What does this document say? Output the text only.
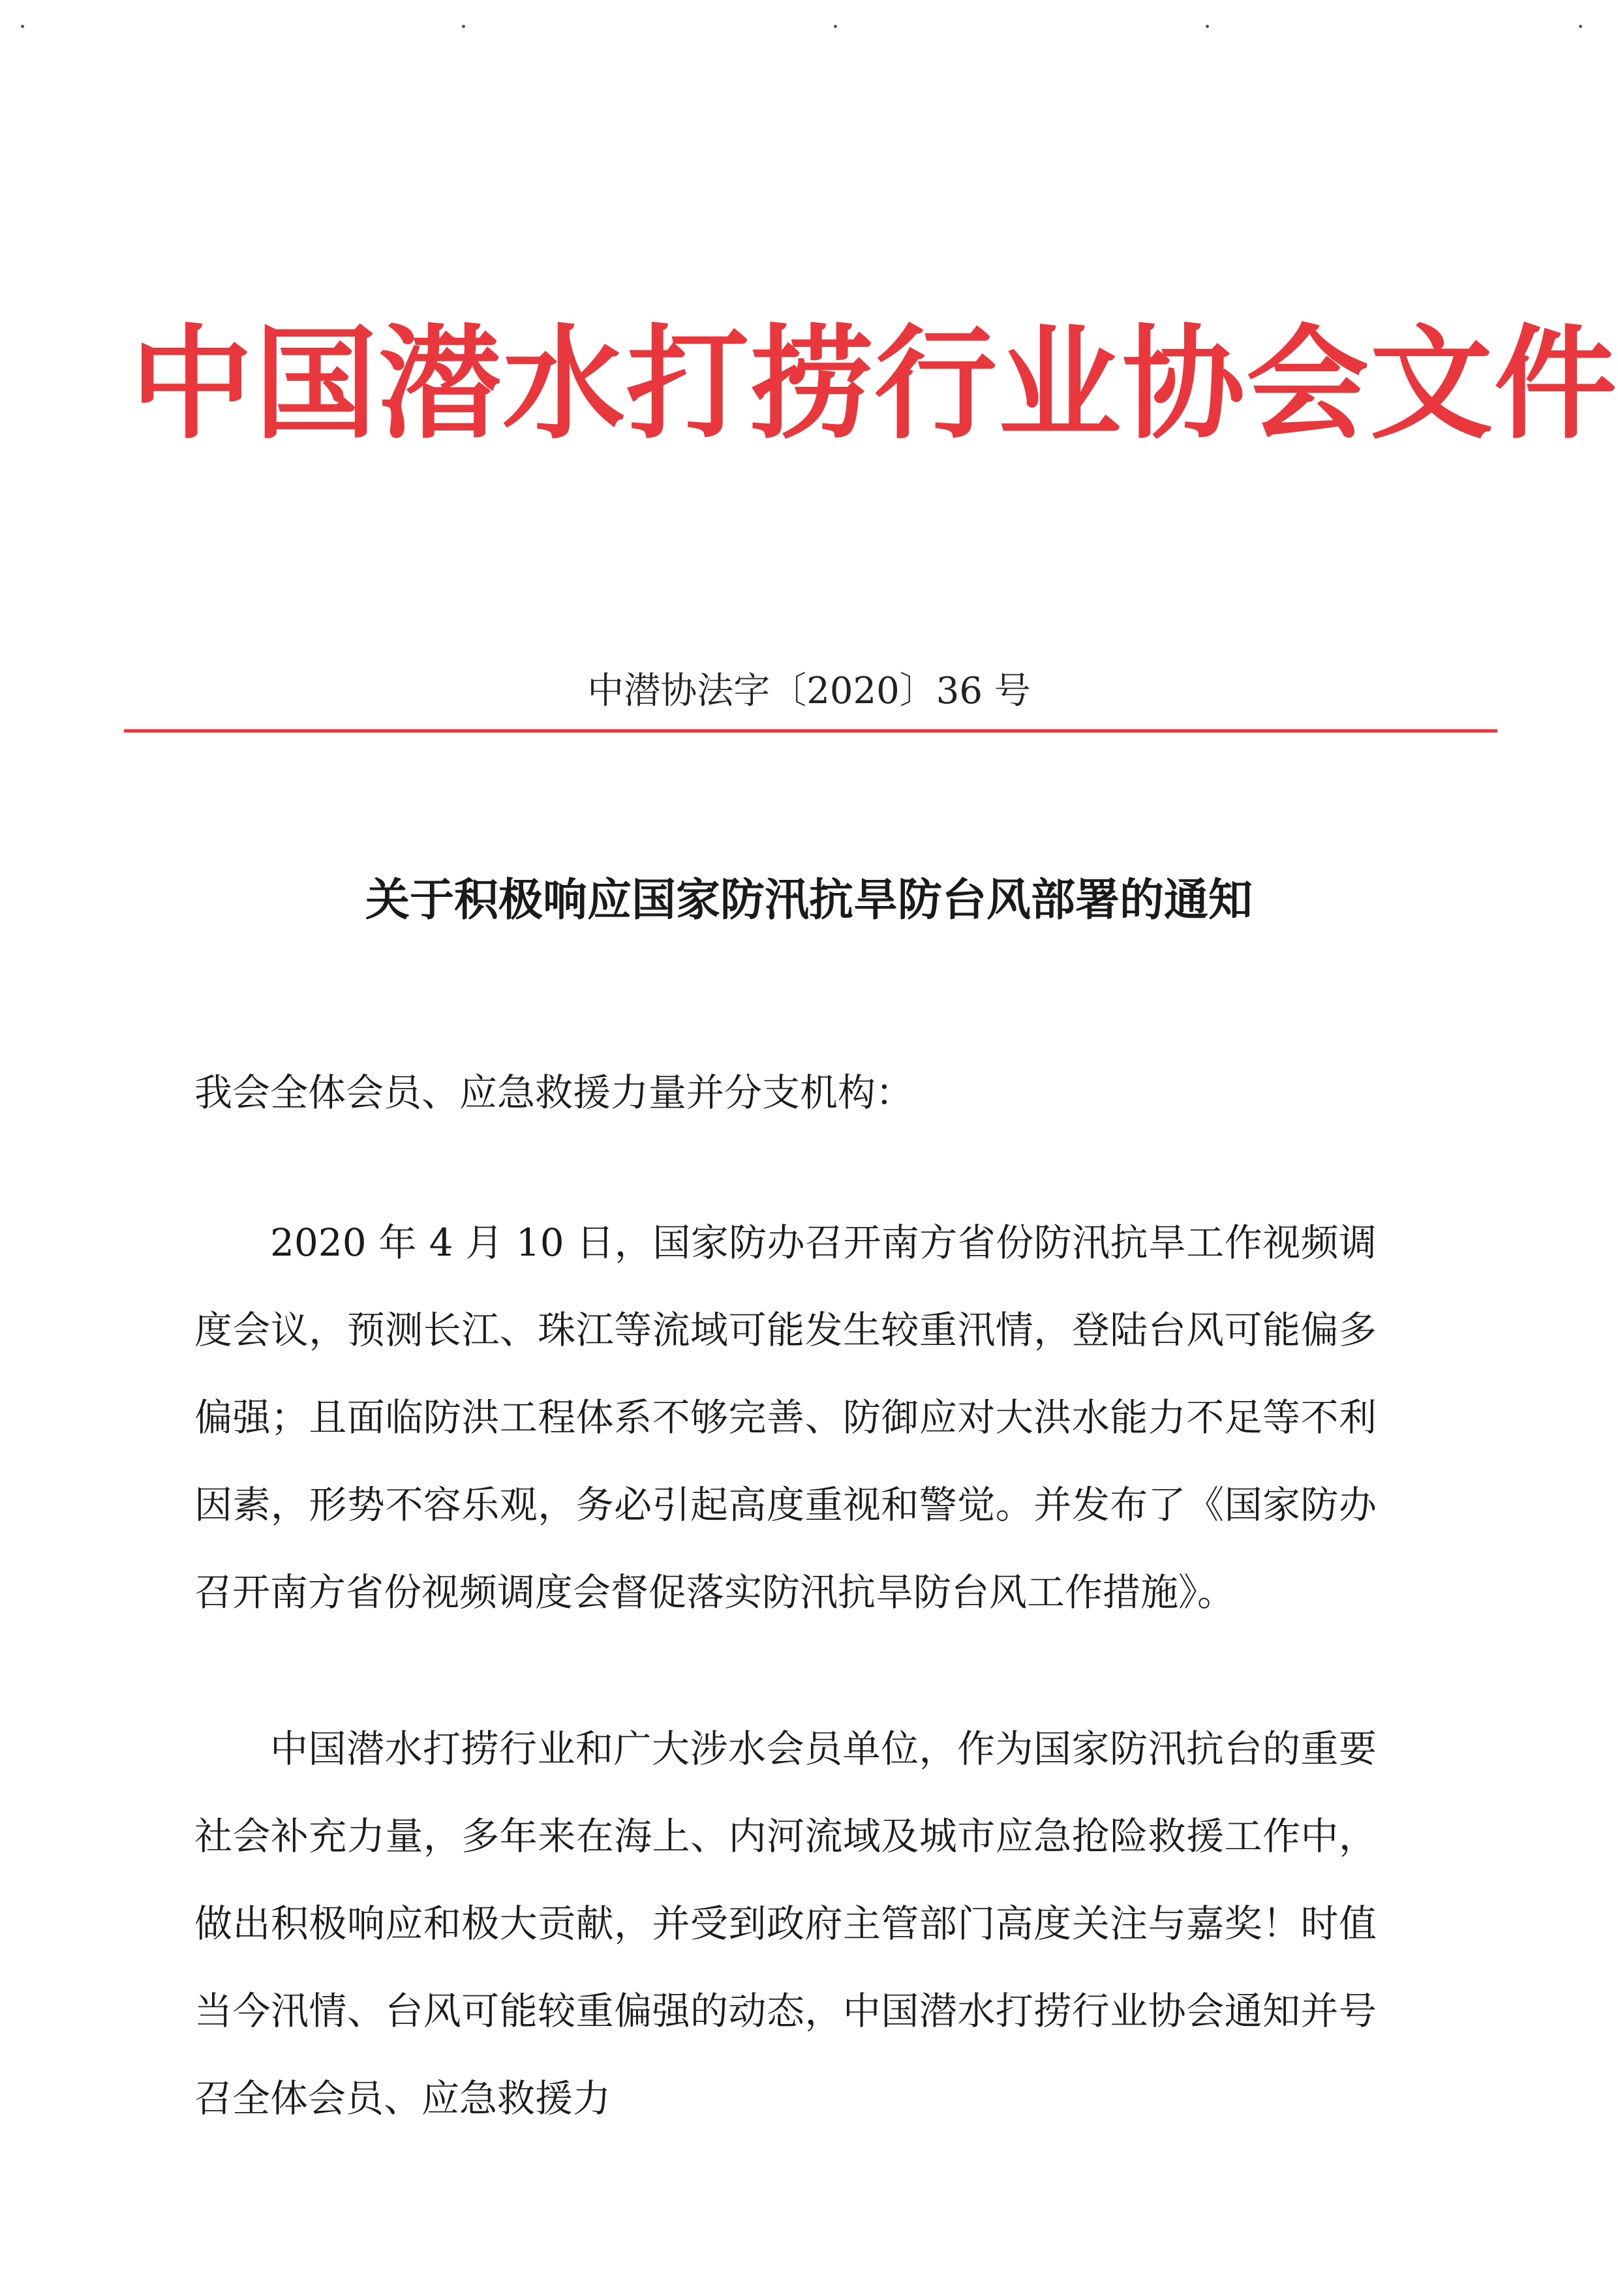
中国潜水打捞行业协会文件
中潜协法字〔2020〕36 号
关于积极响应国家防汛抗旱防台风部署的通知
我会全体会员、应急救援力量并分支机构：

2020 年 4 月 10 日，国家防办召开南方省份防汛抗旱工作视频调度会议，预测长江、珠江等流域可能发生较重汛情，登陆台风可能偏多偏强；且面临防洪工程体系不够完善、防御应对大洪水能力不足等不利因素，形势不容乐观，务必引起高度重视和警觉。并发布了《国家防办召开南方省份视频调度会督促落实防汛抗旱防台风工作措施》。

中国潜水打捞行业和广大涉水会员单位，作为国家防汛抗台的重要社会补充力量，多年来在海上、内河流域及城市应急抢险救援工作中，做出积极响应和极大贡献，并受到政府主管部门高度关注与嘉奖！时值当今汛情、台风可能较重偏强的动态，中国潜水打捞行业协会通知并号召全体会员、应急救援力
